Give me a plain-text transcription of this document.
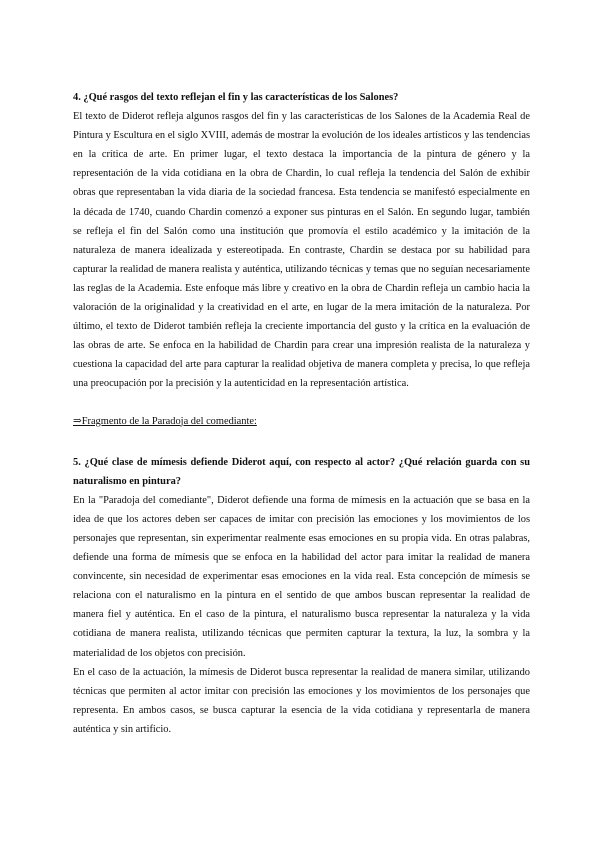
4. ¿Qué rasgos del texto reflejan el fin y las características de los Salones?

El texto de Diderot refleja algunos rasgos del fin y las características de los Salones de la Academia Real de Pintura y Escultura en el siglo XVIII, además de mostrar la evolución de los ideales artísticos y las tendencias en la crítica de arte. En primer lugar, el texto destaca la importancia de la pintura de género y la representación de la vida cotidiana en la obra de Chardin, lo cual refleja la tendencia del Salón de exhibir obras que representaban la vida diaria de la sociedad francesa. Esta tendencia se manifestó especialmente en la década de 1740, cuando Chardin comenzó a exponer sus pinturas en el Salón. En segundo lugar, también se refleja el fin del Salón como una institución que promovía el estilo académico y la imitación de la naturaleza de manera idealizada y estereotipada. En contraste, Chardin se destaca por su habilidad para capturar la realidad de manera realista y auténtica, utilizando técnicas y temas que no seguían necesariamente las reglas de la Academia. Este enfoque más libre y creativo en la obra de Chardin refleja un cambio hacia la valoración de la originalidad y la creatividad en el arte, en lugar de la mera imitación de la naturaleza. Por último, el texto de Diderot también refleja la creciente importancia del gusto y la crítica en la evaluación de las obras de arte. Se enfoca en la habilidad de Chardin para crear una impresión realista de la naturaleza y cuestiona la capacidad del arte para capturar la realidad objetiva de manera completa y precisa, lo que refleja una preocupación por la precisión y la autenticidad en la representación artística.

⇒Fragmento de la Paradoja del comediante:

5. ¿Qué clase de mímesis defiende Diderot aquí, con respecto al actor? ¿Qué relación guarda con su naturalismo en pintura?

En la "Paradoja del comediante", Diderot defiende una forma de mímesis en la actuación que se basa en la idea de que los actores deben ser capaces de imitar con precisión las emociones y los movimientos de los personajes que representan, sin experimentar realmente esas emociones en su propia vida. En otras palabras, defiende una forma de mímesis que se enfoca en la habilidad del actor para imitar la realidad de manera convincente, sin necesidad de experimentar esas emociones en la vida real. Esta concepción de mímesis se relaciona con el naturalismo en la pintura en el sentido de que ambos buscan representar la realidad de manera fiel y auténtica. En el caso de la pintura, el naturalismo busca representar la naturaleza y la vida cotidiana de manera realista, utilizando técnicas que permiten capturar la textura, la luz, la sombra y la materialidad de los objetos con precisión.

En el caso de la actuación, la mímesis de Diderot busca representar la realidad de manera similar, utilizando técnicas que permiten al actor imitar con precisión las emociones y los movimientos de los personajes que representa. En ambos casos, se busca capturar la esencia de la vida cotidiana y representarla de manera auténtica y sin artificio.
